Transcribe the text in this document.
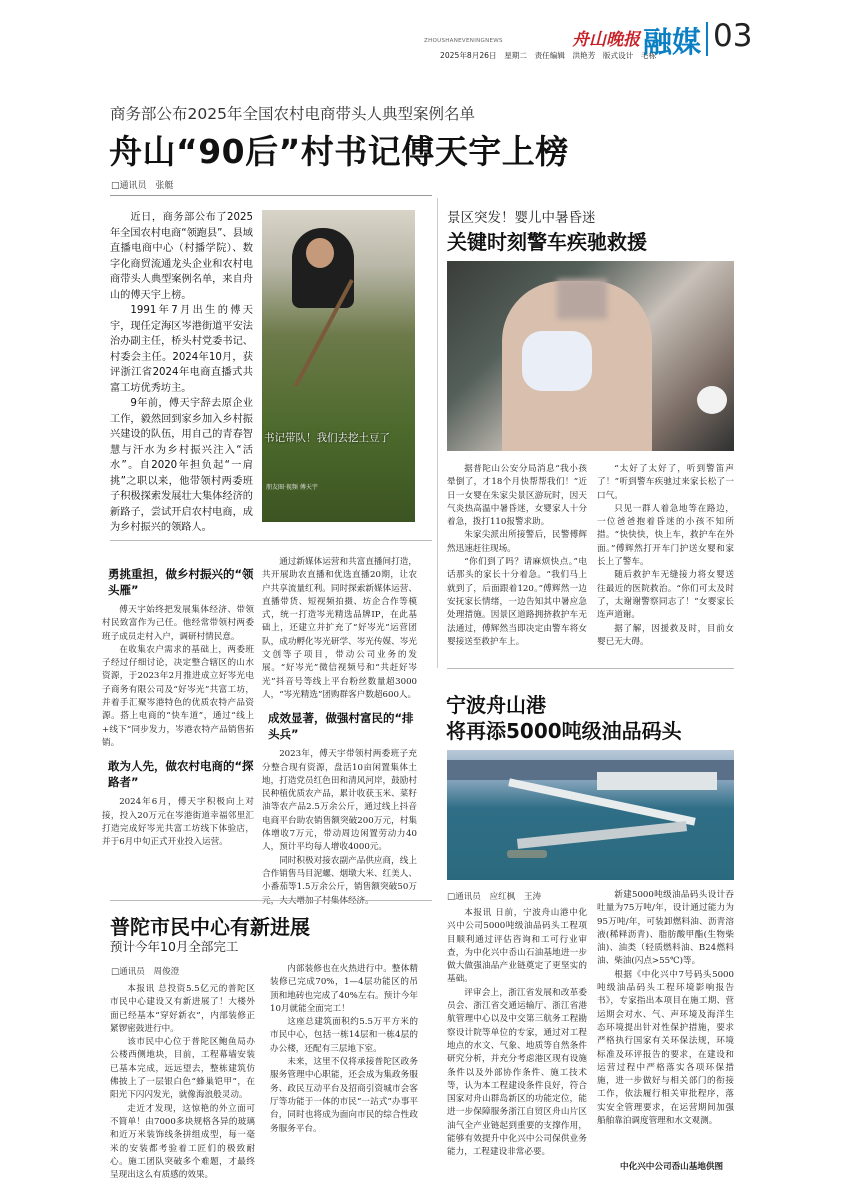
ZHOUSHANEVENINGNEWS	舟山晚报
2025年8月26日　星期二　责任编辑　洪艳芳　版式设计　毛栋
融媒 03
商务部公布2025年全国农村电商带头人典型案例名单
舟山“90后”村书记傅天宇上榜
□通讯员　张艇

近日，商务部公布了2025年全国农村电商“领跑县”、县域直播电商中心（村播学院）、数字化商贸流通龙头企业和农村电商带头人典型案例名单，来自舟山的傅天宇上榜。

1991年7月出生的傅天宇，现任定海区岑港街道平安法治办副主任，桥头村党委书记、村委会主任。2024年10月，获评浙江省2024年电商直播式共富工坊优秀坊主。

9年前，傅天宇辞去原企业工作，毅然回到家乡加入乡村振兴建设的队伍，用自己的青春智慧与汗水为乡村振兴注入“活水”。自2020年担负起“一肩挑”之职以来，他带领村两委班子积极探索发展壮大集体经济的新路子，尝试开启农村电商，成为乡村振兴的领路人。

书记带队！我们去挖土豆了
朋友圈·视频 傅天宇
勇挑重担，做乡村振兴的“领头雁”

傅天宇始终把发展集体经济、带领村民致富作为己任。他经常带领村两委班子成员走村入户，调研村情民意。

在收集农户需求的基础上，两委班子经过仔细讨论，决定整合辖区的山水资源，于2023年2月推进成立好岑光电子商务有限公司及“好岑光”共富工坊，并着手汇聚岑港特色的优质农特产品资源。搭上电商的“快车道”，通过“线上+线下”同步发力，岑港农特产品销售拓销。

敢为人先，做农村电商的“探路者”

2024年6月，傅天宇积极向上对接，投入20万元在岑港街道幸福邻里汇打造完成好岑光共富工坊线下体验店，并于6月中旬正式开业投入运营。

通过新媒体运营和共富直播间打造，共开展助农直播和优选直播20期，让农户共享流量红利。同时探索新媒体运营、直播带货、短视频拍摄、坊企合作等模式，统一打造岑光精选品牌IP，在此基础上，还建立并扩充了“好岑光”运营团队，成功孵化岑光研学、岑光传媒、岑光文创等子项目，带动公司业务的发展。“好岑光”微信视频号和“共赶好岑光”抖音号等线上平台粉丝数量超3000人，“岑光精选”团购群客户数超600人。

成效显著，做强村富民的“排头兵”

2023年，傅天宇带领村两委班子充分整合现有资源，盘活10亩闲置集体土地，打造党员红色田和清风河岸，鼓励村民种植优质农产品，累计收获玉米、菜籽油等农产品2.5万余公斤，通过线上抖音电商平台助农销售额突破200万元，村集体增收7万元，带动周边闲置劳动力40人，预计平均每人增收4000元。

同时积极对接农副产品供应商，线上合作销售马目泥螺、烟墩大米、红美人、小番茄等1.5万余公斤，销售额突破50万

景区突发！婴儿中暑昏迷
关键时刻警车疾驰救援

据普陀山公安分局消息“我小孩晕倒了，才18个月快帮帮我们！”近日一女婴在朱家尖景区游玩时，因天气炎热高温中暑昏迷，女婴家人十分着急，拨打110报警求助。

朱家尖派出所接警后，民警傅辉然迅速赶往现场。

“你们到了吗？请麻烦快点。”电话那头的家长十分着急。“我们马上就到了，后面跟着120。”傅辉然一边安抚家长情绪，一边告知其中暑应急处理措施。因景区道路拥挤救护车无法通过，傅辉然当即决定由警车将女婴接送至救护车上。

“太好了太好了，听到警笛声了！”听到警车疾驰过来家长松了一口气。

只见一群人着急地等在路边，一位爸爸抱着昏迷的小孩不知所措。“快快快，快上车，救护车在外面。”傅辉然打开车门护送女婴和家长上了警车。

随后救护车无缝接力将女婴送往最近的医院救治。“你们可太及时了，太谢谢警察同志了！”女婴家长连声道谢。

据了解，因援救及时，目前女婴已无大碍。

宁波舟山港
将再添5000吨级油品码头
□通讯员　应红枫　王涛

本报讯 日前，宁波舟山港中化兴中公司5000吨级油品码头工程项目顺利通过评估咨询和工可行业审查，为中化兴中岙山石油基地进一步做大做强油品产业链奠定了更坚实的基础。

评审会上，浙江省发展和改革委员会、浙江省交通运输厅、浙江省港航管理中心以及中交第三航务工程勘察设计院等单位的专家，通过对工程地点的水文、气象、地质等自然条件研究分析，并充分考虑港区现有设施条件以及外部协作条件、施工技术等，认为本工程建设条件良好，符合国家对舟山群岛新区的功能定位，能进一步保障服务浙江自贸区舟山片区油气全产业链起到重要的支撑作用，能够有效提升中化兴中公司保供业务能力，工程建设非常必要。

新建5000吨级油品码头设计吞吐量为75万吨/年，设计通过能力为95万吨/年，可装卸燃料油、沥青溶液(稀释沥青)、脂肪酸甲酯(生物柴油)、油类（轻质燃料油、B24燃料油、柴油(闪点>55℃)等。

根据《中化兴中7号码头5000吨级油品码头工程环境影响报告书》，专家指出本项目在施工期、营运期会对水、气、声环境及海洋生态环境提出针对性保护措施，要求严格执行国家有关环保法规，环境标准及环评报告的要求，在建设和运营过程中严格落实各项环保措施，进一步做好与相关部门的衔接工作，依法履行相关审批程序，落实安全管理要求，在运营期间加强船舶靠泊调度管理和水文观测。

中化兴中公司岙山基地供图
普陀市民中心有新进展
预计今年10月全部完工
□通讯员　周俊澄

本报讯 总投资5.5亿元的普陀区市民中心建设又有新进展了！大楼外面已经基本“穿好新衣”，内部装修正紧锣密鼓进行中。

该市民中心位于普陀区鲍鱼局办公楼西侧地块，目前，工程幕墙安装已基本完成，远远望去，整栋建筑仿佛披上了一层银白色“蜂巢铠甲”，在阳光下闪闪发光，就像海浪般灵动。

走近才发现，这惊艳的外立面可不简单！由7000多块规格各异的玻璃和近万米装饰线条拼组成型，每一毫米的安装都考验着工匠们的极致耐心。施工团队突破多个难题，才最终呈现出这么有质感的效果。

内部装修也在火热进行中。整体精装修已完成70%，1—4层功能区的吊顶和地砖也完成了40%左右。预计今年10月就能全面完工！

这座总建筑面积约5.5万平方米的市民中心，包括一栋14层和一栋4层的办公楼，还配有三层地下室。

未来，这里不仅将承接普陀区政务服务管理中心职能，还会成为集政务服务、政民互动平台及招商引资城市会客厅等功能于一体的市民“一站式”办事平台，同时也将成为面向市民的综合性政务服务平台。
